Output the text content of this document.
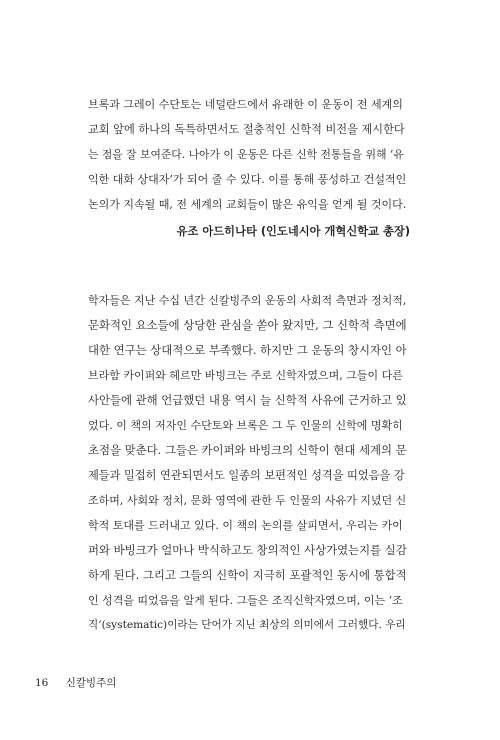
브록과 그레이 수단토는 네덜란드에서 유래한 이 운동이 전 세계의
교회 앞에 하나의 독특하면서도 절충적인 신학적 비전을 제시한다
는 점을 잘 보여준다. 나아가 이 운동은 다른 신학 전통들을 위해 ‘유
익한 대화 상대자’가 되어 줄 수 있다. 이를 통해 풍성하고 건설적인
논의가 지속될 때, 전 세계의 교회들이 많은 유익을 얻게 될 것이다.
유조 아드히나타 (인도네시아 개혁신학교 총장)
학자들은 지난 수십 년간 신칼빙주의 운동의 사회적 측면과 정치적,
문화적인 요소들에 상당한 관심을 쏟아 왔지만, 그 신학적 측면에
대한 연구는 상대적으로 부족했다. 하지만 그 운동의 창시자인 아
브라함 카이퍼와 헤르만 바빙크는 주로 신학자였으며, 그들이 다른
사안들에 관해 언급했던 내용 역시 늘 신학적 사유에 근거하고 있
었다. 이 책의 저자인 수단토와 브록은 그 두 인물의 신학에 명확히
초점을 맞춘다. 그들은 카이퍼와 바빙크의 신학이 현대 세계의 문
제들과 밀접히 연관되면서도 일종의 보편적인 성격을 띠었음을 강
조하며, 사회와 정치, 문화 영역에 관한 두 인물의 사유가 지녔던 신
학적 토대를 드러내고 있다. 이 책의 논의를 살피면서, 우리는 카이
퍼와 바빙크가 얼마나 박식하고도 창의적인 사상가였는지를 실감
하게 된다. 그리고 그들의 신학이 지극히 포괄적인 동시에 통합적
인 성격을 띠었음을 알게 된다. 그들은 조직신학자였으며, 이는 ‘조
직’(systematic)이라는 단어가 지닌 최상의 의미에서 그러했다. 우리
16 신칼빙주의
